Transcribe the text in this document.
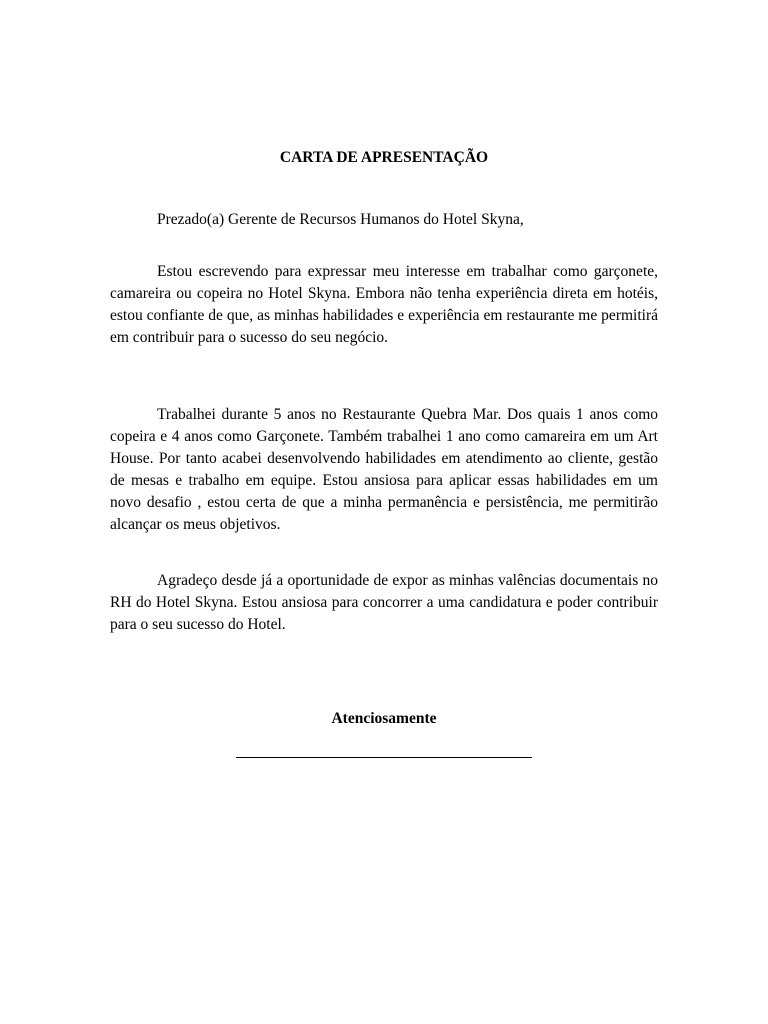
CARTA DE APRESENTAÇÃO

Prezado(a) Gerente de Recursos Humanos do Hotel Skyna,

Estou escrevendo para expressar meu interesse em trabalhar como garçonete, camareira ou copeira no Hotel Skyna. Embora não tenha experiência direta em hotéis, estou confiante de que, as minhas habilidades e experiência em restaurante me permitirá em contribuir para o sucesso do seu negócio.

Trabalhei durante 5 anos no Restaurante Quebra Mar. Dos quais 1 anos como copeira e 4 anos como Garçonete. Também trabalhei 1 ano como camareira em um Art House. Por tanto acabei desenvolvendo habilidades em atendimento ao cliente, gestão de mesas e trabalho em equipe. Estou ansiosa para aplicar essas habilidades em um novo desafio , estou certa de que a minha permanência e persistência, me permitirão alcançar os meus objetivos.

Agradeço desde já a oportunidade de expor as minhas valências documentais no RH do Hotel Skyna. Estou ansiosa para concorrer a uma candidatura e poder contribuir para o seu sucesso do Hotel.

Atenciosamente
